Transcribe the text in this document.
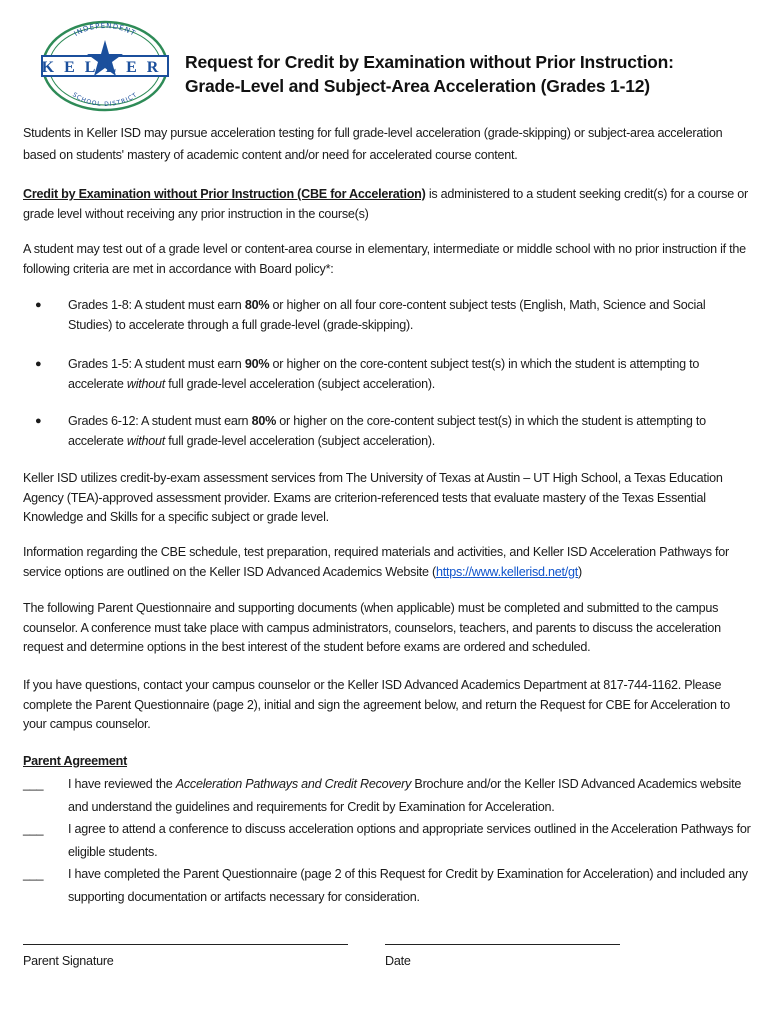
INDEPENDENT
SCHOOL DISTRICT
KELLER Request for Credit by Examination without Prior Instruction:
Grade-Level and Subject-Area Acceleration (Grades 1-12)
Students in Keller ISD may pursue acceleration testing for full grade-level acceleration (grade-skipping) or subject-area acceleration based on students' mastery of academic content and/or need for accelerated course content.
Credit by Examination without Prior Instruction (CBE for Acceleration) is administered to a student seeking credit(s) for a course or grade level without receiving any prior instruction in the course(s)
A student may test out of a grade level or content-area course in elementary, intermediate or middle school with no prior instruction if the following criteria are met in accordance with Board policy*:
● Grades 1-8: A student must earn 80% or higher on all four core-content subject tests (English, Math, Science and Social Studies) to accelerate through a full grade-level (grade-skipping).
● Grades 1-5: A student must earn 90% or higher on the core-content subject test(s) in which the student is attempting to accelerate without full grade-level acceleration (subject acceleration).
● Grades 6-12: A student must earn 80% or higher on the core-content subject test(s) in which the student is attempting to accelerate without full grade-level acceleration (subject acceleration).
Keller ISD utilizes credit-by-exam assessment services from The University of Texas at Austin – UT High School, a Texas Education Agency (TEA)-approved assessment provider. Exams are criterion-referenced tests that evaluate mastery of the Texas Essential Knowledge and Skills for a specific subject or grade level.
Information regarding the CBE schedule, test preparation, required materials and activities, and Keller ISD Acceleration Pathways for service options are outlined on the Keller ISD Advanced Academics Website (https://www.kellerisd.net/gt)
The following Parent Questionnaire and supporting documents (when applicable) must be completed and submitted to the campus counselor. A conference must take place with campus administrators, counselors, teachers, and parents to discuss the acceleration request and determine options in the best interest of the student before exams are ordered and scheduled.
If you have questions, contact your campus counselor or the Keller ISD Advanced Academics Department at 817-744-1162. Please complete the Parent Questionnaire (page 2), initial and sign the agreement below, and return the Request for CBE for Acceleration to your campus counselor.
Parent Agreement
___ I have reviewed the Acceleration Pathways and Credit Recovery Brochure and/or the Keller ISD Advanced Academics website and understand the guidelines and requirements for Credit by Examination for Acceleration.
___ I agree to attend a conference to discuss acceleration options and appropriate services outlined in the Acceleration Pathways for eligible students.
___ I have completed the Parent Questionnaire (page 2 of this Request for Credit by Examination for Acceleration) and included any supporting documentation or artifacts necessary for consideration.
Parent Signature	Date
